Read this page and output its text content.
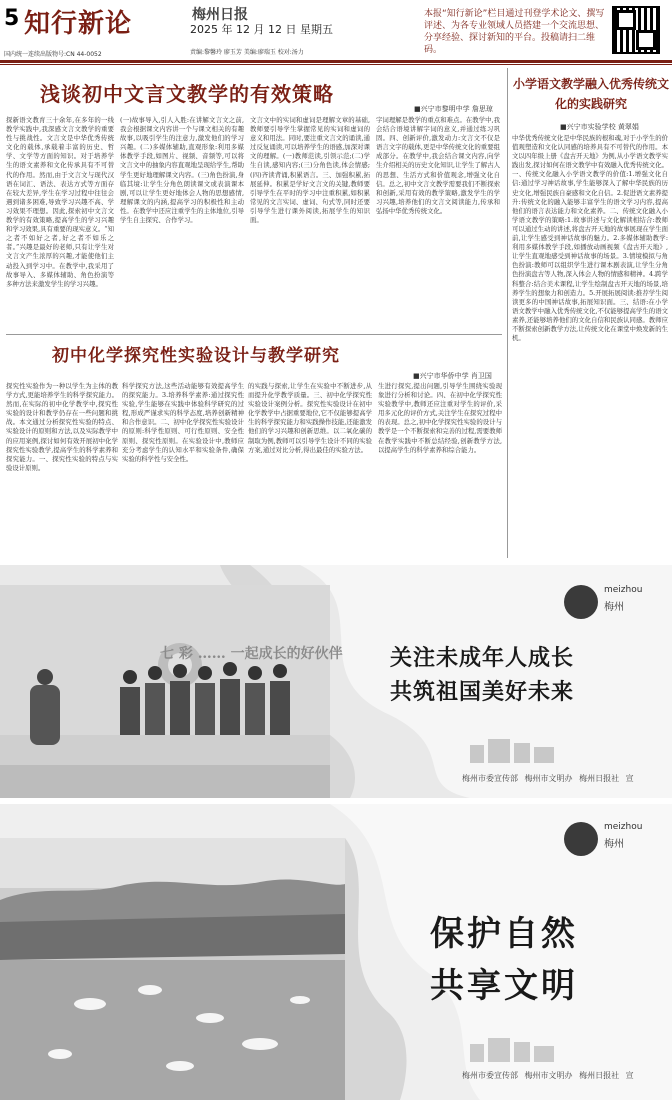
5 知行新论	梅州日报
2025 年 12 月 12 日 星期五
责编:黎馨玲 廖玉芳 美编:廖瑞玉 校对:汤力
国内统一连续出版物号:CN 44-0052
本报“知行新论”栏目通过刊登学术论文、撰写评述、为各专业领域人员搭建一个交流思想、分享经验、探讨新知的平台。投稿请扫二维码。
浅谈初中文言文教学的有效策略
■兴宁市黎明中学 詹思琼
探新语文教育三十余年,在多年的一线教学实践中,我深感文言文教学的重要性与挑战性。文言文是中华优秀传统文化的载体,承载着丰富的历史、哲学、文学等方面的知识。对于培养学生的语文素养和文化传承具有不可替代的作用。然而,由于文言文与现代汉语在词汇、语法、表达方式等方面存在较大差异,学生在学习过程中往往会遇到诸多困难,导致学习兴趣不高、学习效果不理想。因此,探索初中文言文教学的有效策略,提高学生的学习兴趣和学习效果,具有重要的现实意义。“知之者不如好之者,好之者不如乐之者。”兴趣是最好的老师,只有让学生对文言文产生浓厚的兴趣,才能使他们主动投入到学习中。在教学中,我采用了故事导入、多媒体辅助、角色扮演等多种方法来激发学生的学习兴趣。
(一)故事导入,引人入胜:在讲解文言文之前,我会根据课文内容讲一个与课文相关的有趣故事,以吸引学生的注意力,激发他们的学习兴趣。(二)多媒体辅助,直观形象:利用多媒体教学手段,如图片、视频、音频等,可以将文言文中的抽象内容直观地呈现给学生,帮助学生更好地理解课文内容。(三)角色扮演,身临其境:让学生分角色朗读课文或表演课本剧,可以让学生更好地体会人物的思想感情,理解课文的内涵,提高学习的积极性和主动性。在教学中还应注重学生的主体地位,引导学生自主探究、合作学习。
文言文中的实词和虚词是理解文章的基础,教师要引导学生掌握常见的实词和虚词的意义和用法。同时,要注重文言文的诵读,通过反复诵读,可以培养学生的语感,加深对课文的理解。(一)教师范读,引领示范;(二)学生自读,感知内容;(三)分角色读,体会情感;(四)齐读背诵,积累语言。三、加强积累,拓展延伸。积累是学好文言文的关键,教师要引导学生在平时的学习中注重积累,如积累常见的文言实词、虚词、句式等,同时还要引导学生进行课外阅读,拓展学生的知识面。
字词理解是教学的重点和难点。在教学中,我会结合语境讲解字词的意义,并通过练习巩固。四、创新评价,激发动力:文言文不仅是语言文字的载体,更是中华传统文化的重要组成部分。在教学中,我会结合课文内容,向学生介绍相关的历史文化知识,让学生了解古人的思想、生活方式和价值观念,增强文化自信。总之,初中文言文教学需要我们不断探索和创新,采用有效的教学策略,激发学生的学习兴趣,培养他们的文言文阅读能力,传承和弘扬中华优秀传统文化。
初中化学探究性实验设计与教学研究
■兴宁市华侨中学 肖卫国
探究性实验作为一种以学生为主体的教学方式,更能培养学生的科学探究能力。然而,在实际的初中化学教学中,探究性实验的设计和教学仍存在一些问题和挑战。本文通过分析探究性实验的特点、实验设计的原则和方法,以及实际教学中的应用案例,探讨如何有效开展初中化学探究性实验教学,提高学生的科学素养和探究能力。一、探究性实验的特点与实验设计原则。
科学探究方法,这些活动能够有效提高学生的探究能力。3.培养科学素养:通过探究性实验,学生能够在实践中体验科学研究的过程,形成严谨求实的科学态度,培养创新精神和合作意识。二、初中化学探究性实验设计的原则:科学性原则、可行性原则、安全性原则、探究性原则。在实验设计中,教师应充分考虑学生的认知水平和实验条件,确保实验的科学性与安全性。
的实践与探索,让学生在实验中不断进步,从而提升化学教学质量。三、初中化学探究性实验设计案例分析。探究性实验设计在初中化学教学中占据重要地位,它不仅能够提高学生的科学探究能力和实践操作技能,还能激发他们的学习兴趣和创新思维。以二氧化碳的制取为例,教师可以引导学生设计不同的实验方案,通过对比分析,得出最佳的实验方法。
生进行探究,提出问题,引导学生围绕实验现象进行分析和讨论。四、在初中化学探究性实验教学中,教师还应注重对学生的评价,采用多元化的评价方式,关注学生在探究过程中的表现。总之,初中化学探究性实验的设计与教学是一个不断探索和完善的过程,需要教师在教学实践中不断总结经验,创新教学方法,以提高学生的科学素养和综合能力。
小学语文教学融入优秀传统文化的实践研究
■兴宁市实验学校 黄翠娟
中华优秀传统文化是中华民族的根和魂,对于小学生的价值观塑造和文化认同感的培养具有不可替代的作用。本文以四年级上册《盘古开天地》为例,从小学语文教学实践出发,探讨如何在语文教学中有效融入优秀传统文化。一、传统文化融入小学语文教学的价值:1.增强文化自信:通过学习神话故事,学生能够深入了解中华民族的历史文化,增强民族自豪感和文化自信。2.促进语文素养提升:传统文化的融入能够丰富学生的语文学习内容,提高他们的语言表达能力和文化素养。二、传统文化融入小学语文教学的策略:1.故事讲述与文化解读相结合:教师可以通过生动的讲述,将盘古开天地的故事展现在学生面前,让学生感受到神话故事的魅力。2.多媒体辅助教学:利用多媒体教学手段,如播放动画视频《盘古开天地》,让学生直观地感受到神话故事的场景。3.情境模拟与角色扮演:教师可以组织学生进行课本剧表演,让学生分角色扮演盘古等人物,深入体会人物的情感和精神。4.跨学科整合:结合美术课程,让学生绘制盘古开天地的场景,培养学生的想象力和创造力。5.开展拓展阅读:推荐学生阅读更多的中国神话故事,拓展知识面。三、结语:在小学语文教学中融入优秀传统文化,不仅能够提高学生的语文素养,还能够培养他们的文化自信和民族认同感。教师应不断探索创新教学方法,让传统文化在课堂中焕发新的生机。
七 彩 …… 一起成长的好伙伴
meizhou
梅州
关注未成年人成长
共筑祖国美好未来
梅州市委宣传部 梅州市文明办 梅州日报社 宣
meizhou
梅州
保护自然
共享文明
梅州市委宣传部 梅州市文明办 梅州日报社 宣
